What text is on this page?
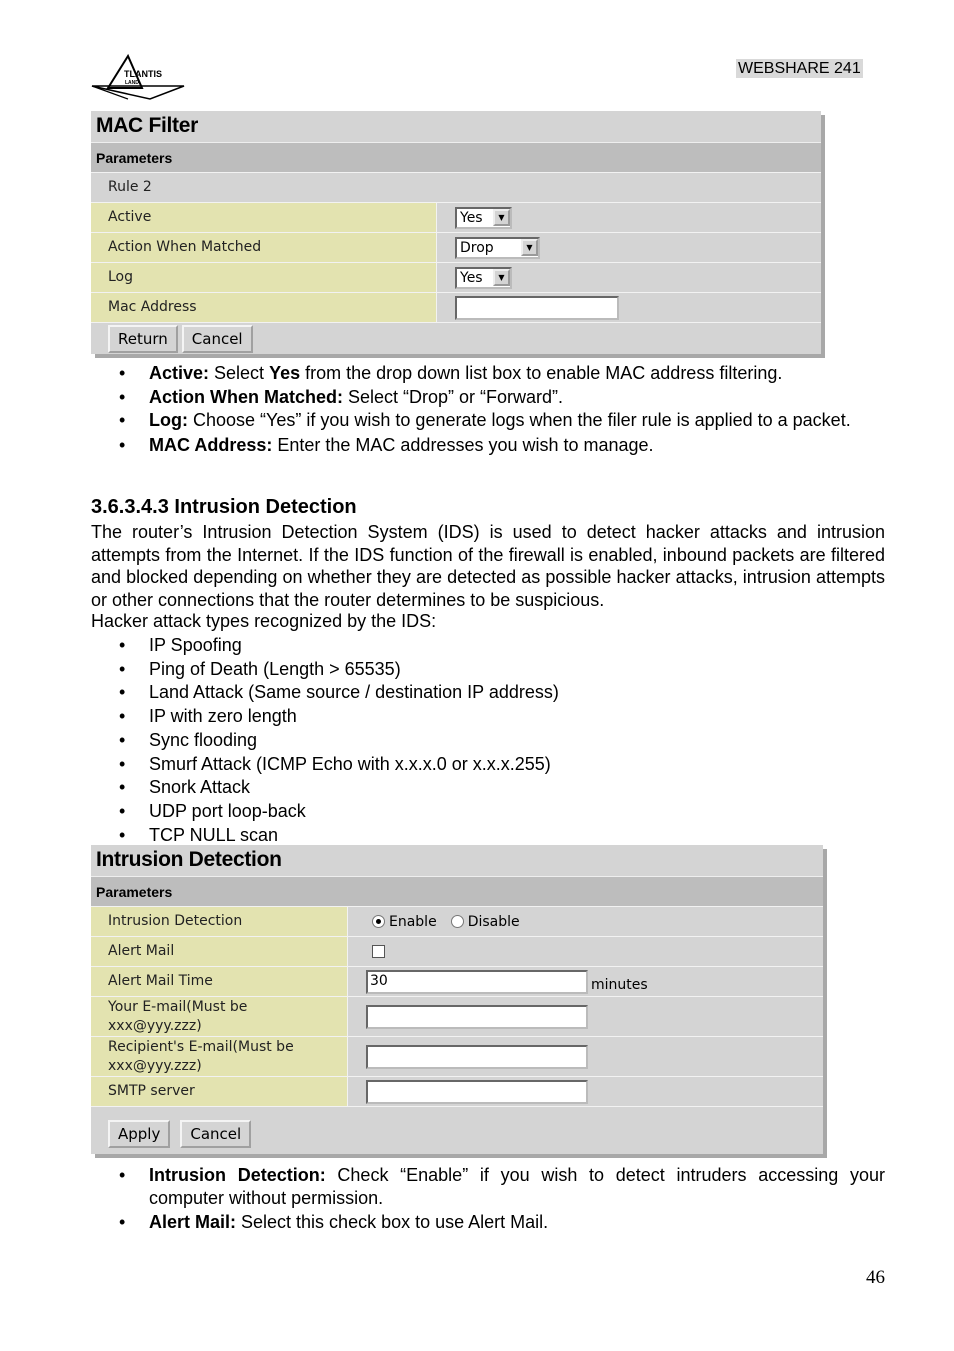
TLANTIS
LAND
WEBSHARE 241
MAC Filter
Parameters
Rule 2
Active	Yes	▼
Action When Matched	Drop	▼
Log	Yes	▼
Mac Address
Return	Cancel
• Active: Select Yes from the drop down list box to enable MAC address filtering.
• Action When Matched: Select “Drop” or “Forward”.
• Log: Choose “Yes” if you wish to generate logs when the filer rule is applied to a packet.
• MAC Address: Enter the MAC addresses you wish to manage.
3.6.3.4.3 Intrusion Detection
The router’s Intrusion Detection System (IDS) is used to detect hacker attacks and intrusion attempts from the Internet. If the IDS function of the firewall is enabled, inbound packets are filtered and blocked depending on whether they are detected as possible hacker attacks, intrusion attempts or other connections that the router determines to be suspicious.
Hacker attack types recognized by the IDS:
• IP Spoofing
• Ping of Death (Length > 65535)
• Land Attack (Same source / destination IP address)
• IP with zero length
• Sync flooding
• Smurf Attack (ICMP Echo with x.x.x.0 or x.x.x.255)
• Snork Attack
• UDP port loop-back
• TCP NULL scan
Intrusion Detection
Parameters
Intrusion Detection	Enable Disable
Alert Mail
Alert Mail Time	30	minutes
Your E-mail(Must be
xxx@yyy.zzz)
Recipient's E-mail(Must be
xxx@yyy.zzz)
SMTP server
Apply	Cancel
• Intrusion Detection: Check “Enable” if you wish to detect intruders accessing your computer without permission.
• Alert Mail: Select this check box to use Alert Mail.
46
